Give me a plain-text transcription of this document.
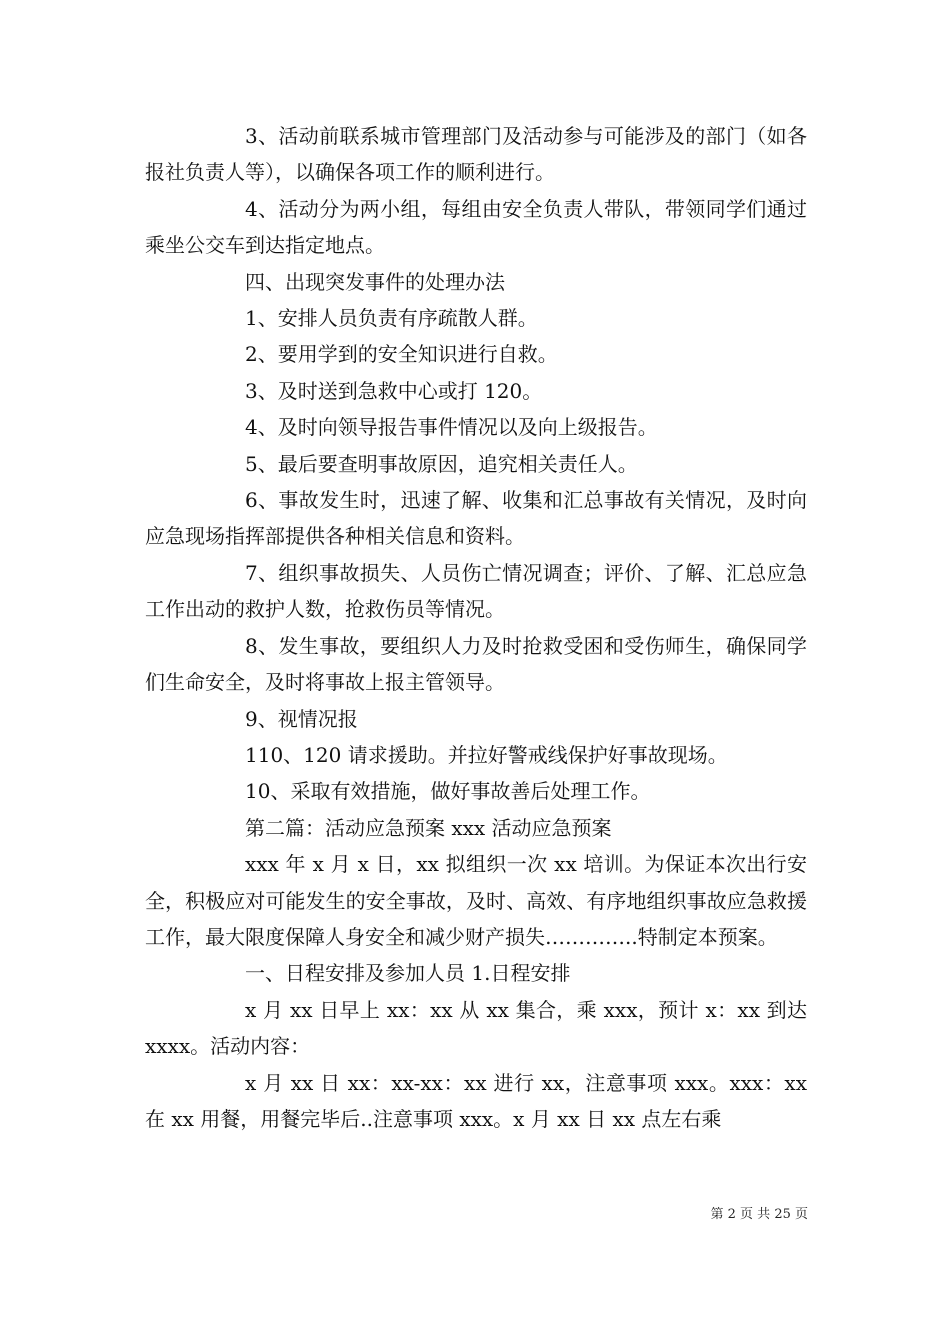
3、活动前联系城市管理部门及活动参与可能涉及的部门（如各报社负责人等），以确保各项工作的顺利进行。

4、活动分为两小组，每组由安全负责人带队，带领同学们通过乘坐公交车到达指定地点。

四、出现突发事件的处理办法

1、安排人员负责有序疏散人群。

2、要用学到的安全知识进行自救。

3、及时送到急救中心或打 120。

4、及时向领导报告事件情况以及向上级报告。

5、最后要查明事故原因，追究相关责任人。

6、事故发生时，迅速了解、收集和汇总事故有关情况，及时向应急现场指挥部提供各种相关信息和资料。

7、组织事故损失、人员伤亡情况调查；评价、了解、汇总应急工作出动的救护人数，抢救伤员等情况。

8、发生事故，要组织人力及时抢救受困和受伤师生，确保同学们生命安全，及时将事故上报主管领导。

9、视情况报

110、120 请求援助。并拉好警戒线保护好事故现场。

10、采取有效措施，做好事故善后处理工作。

第二篇：活动应急预案 xxx 活动应急预案

xxx 年 x 月 x 日，xx 拟组织一次 xx 培训。为保证本次出行安全，积极应对可能发生的安全事故，及时、高效、有序地组织事故应急救援工作，最大限度保障人身安全和减少财产损失…………..特制定本预案。

一、日程安排及参加人员 1.日程安排

x 月 xx 日早上 xx：xx 从 xx 集合，乘 xxx，预计 x：xx 到达 xxxx。活动内容：

x 月 xx 日 xx：xx-xx：xx 进行 xx，注意事项 xxx。xxx：xx 在 xx 用餐，用餐完毕后..注意事项 xxx。x 月 xx 日 xx 点左右乘

第 2 页 共 25 页
